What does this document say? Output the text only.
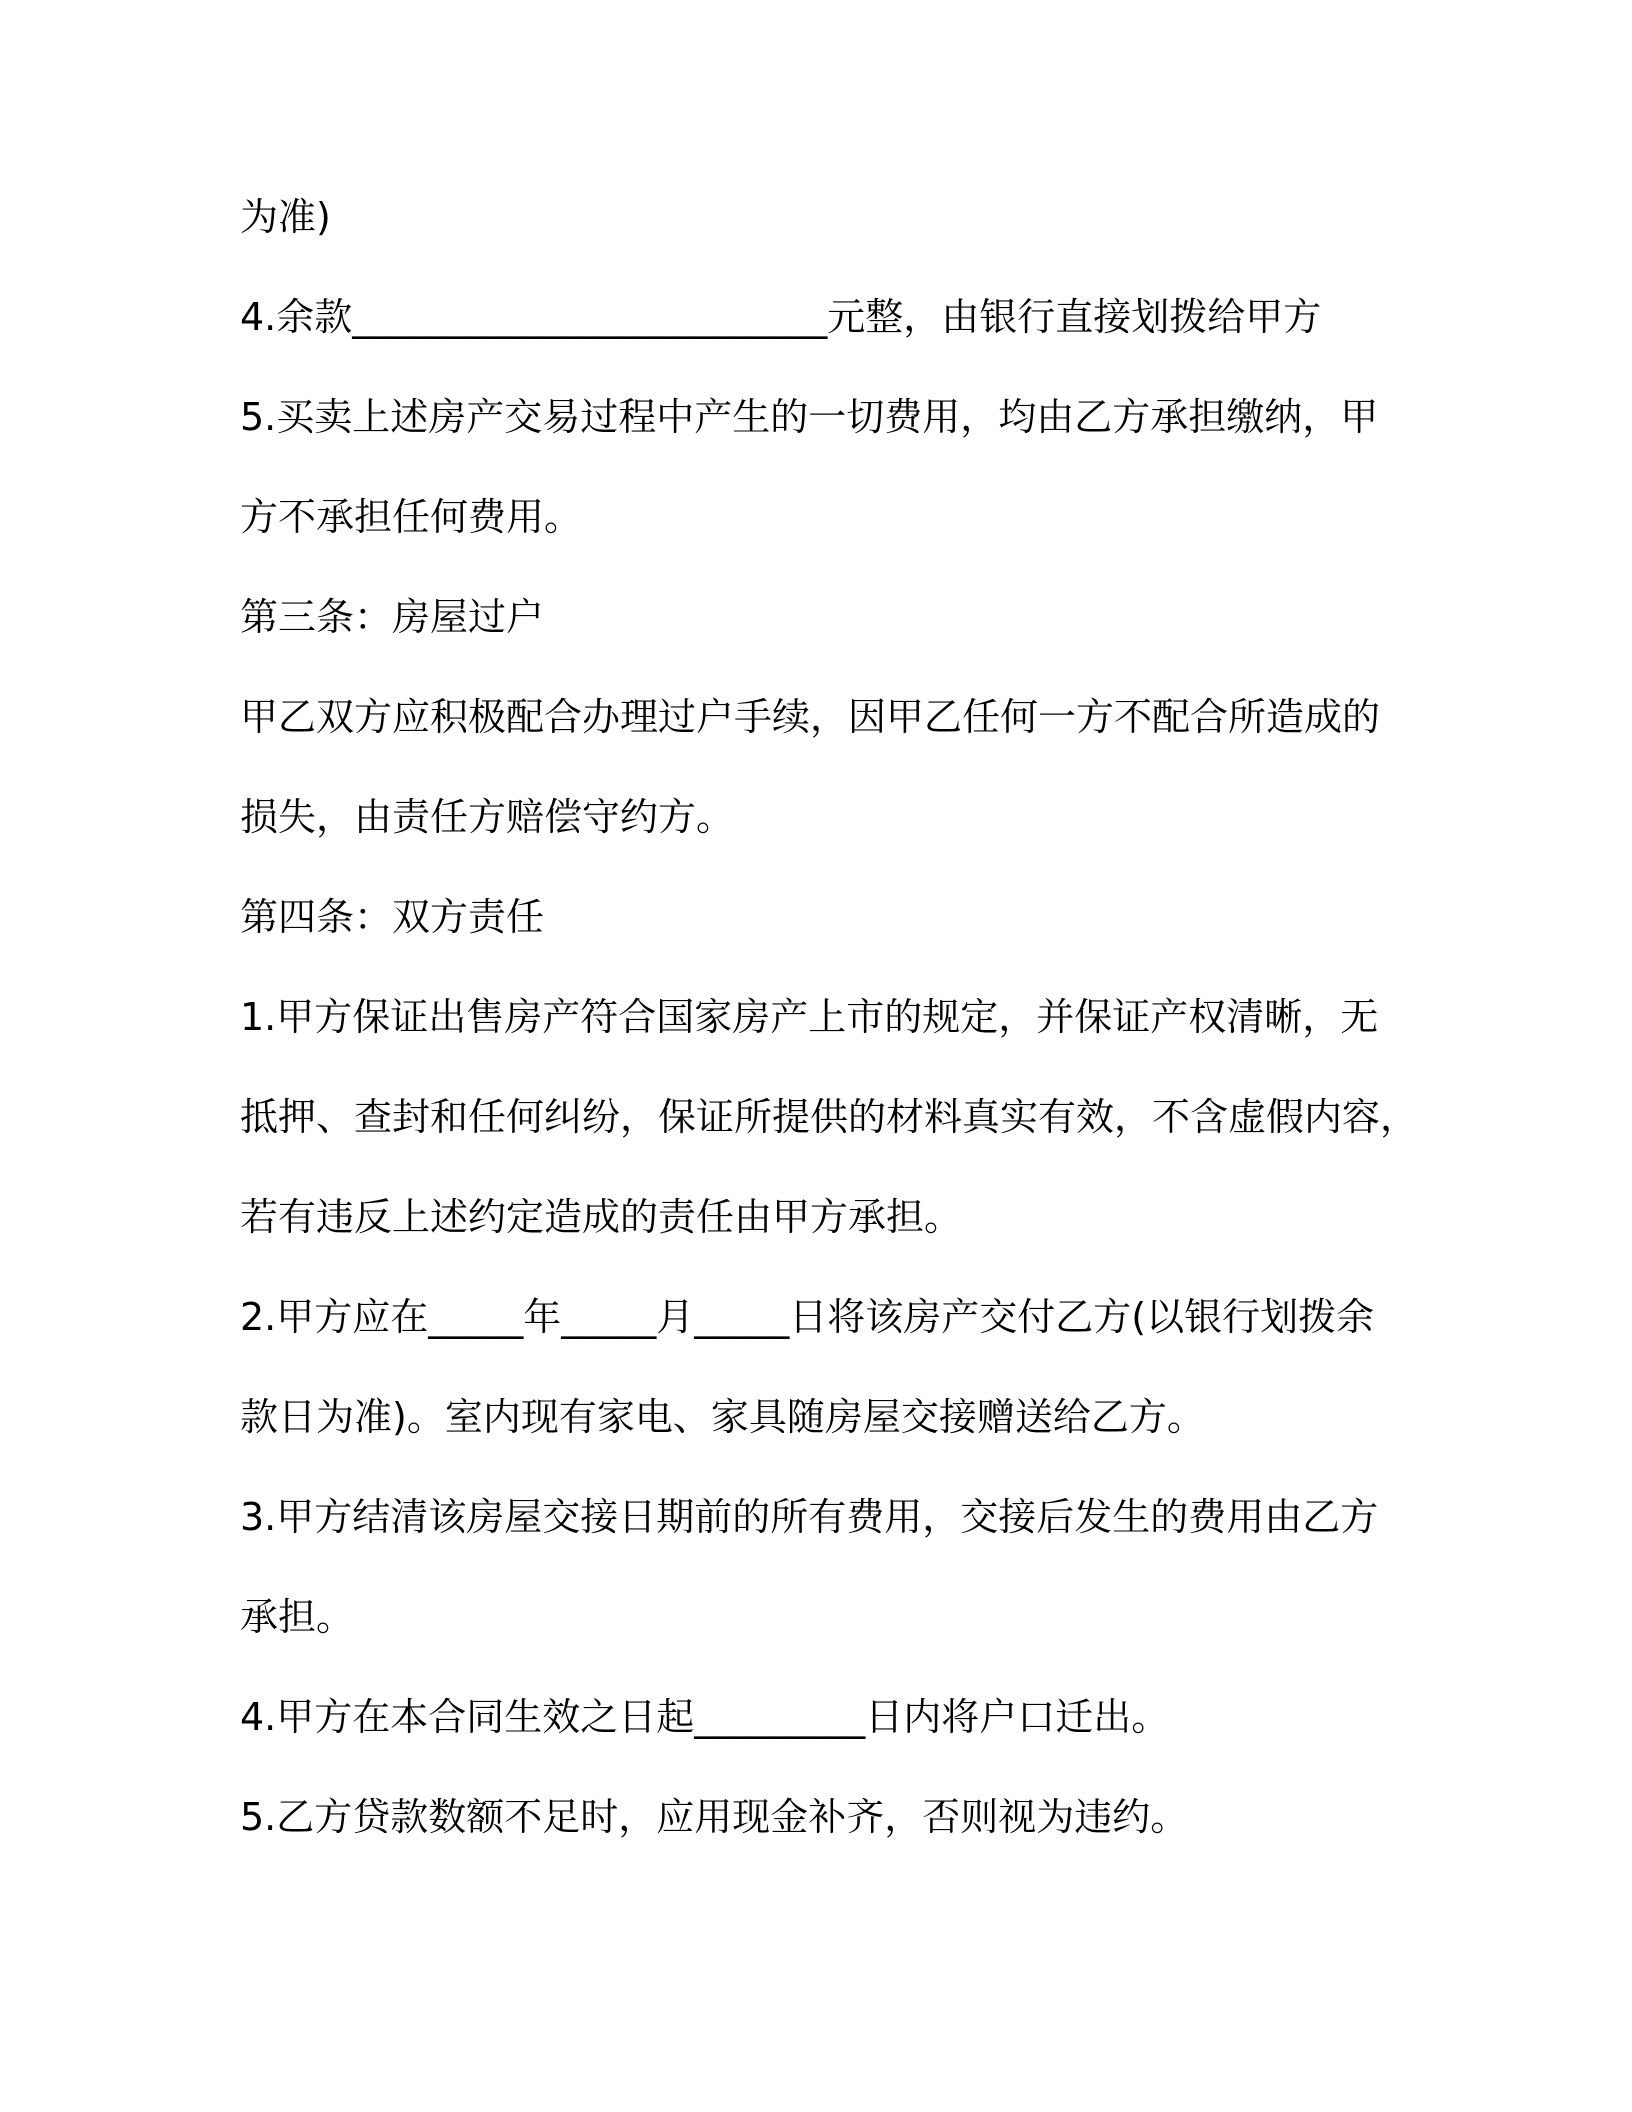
为准)

4.余款_________________________元整，由银行直接划拨给甲方

5.买卖上述房产交易过程中产生的一切费用，均由乙方承担缴纳，甲

方不承担任何费用。

第三条：房屋过户

甲乙双方应积极配合办理过户手续，因甲乙任何一方不配合所造成的

损失，由责任方赔偿守约方。

第四条：双方责任

1.甲方保证出售房产符合国家房产上市的规定，并保证产权清晰，无

抵押、查封和任何纠纷，保证所提供的材料真实有效，不含虚假内容，

若有违反上述约定造成的责任由甲方承担。

2.甲方应在_____年_____月_____日将该房产交付乙方(以银行划拨余

款日为准)。室内现有家电、家具随房屋交接赠送给乙方。

3.甲方结清该房屋交接日期前的所有费用，交接后发生的费用由乙方

承担。

4.甲方在本合同生效之日起_________日内将户口迁出。

5.乙方贷款数额不足时，应用现金补齐，否则视为违约。
